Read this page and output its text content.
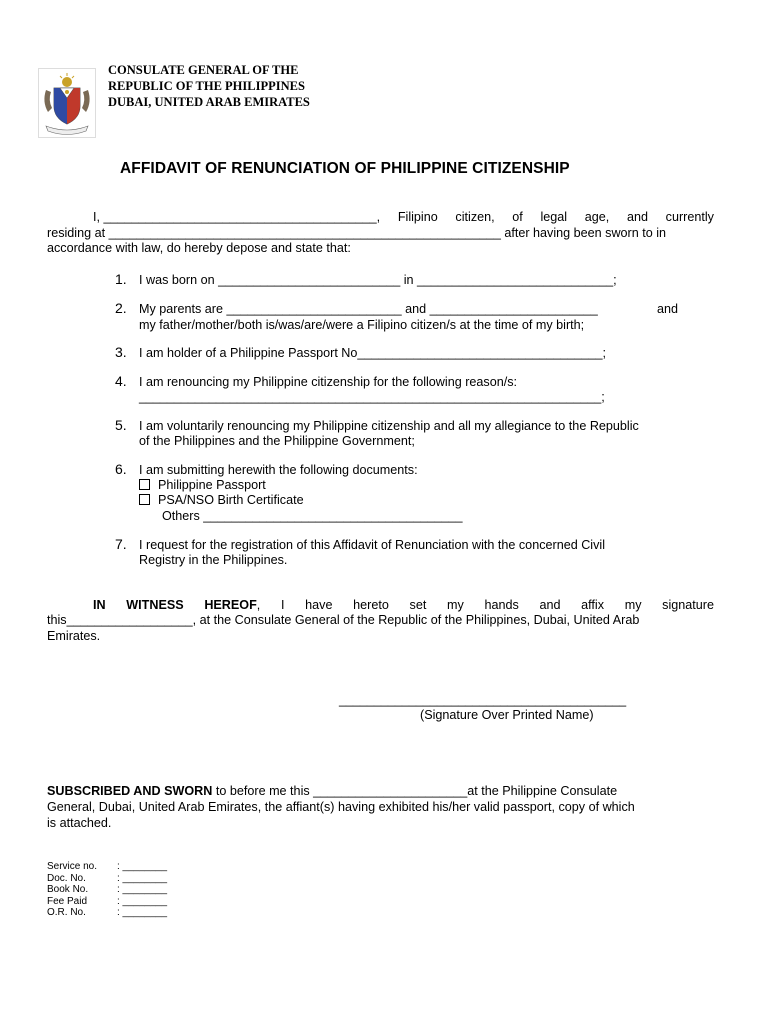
CONSULATE GENERAL OF THE
REPUBLIC OF THE PHILIPPINES
DUBAI, UNITED ARAB EMIRATES
AFFIDAVIT OF RENUNCIATION OF PHILIPPINE CITIZENSHIP
I,
_______________________________________, Filipino citizen, of legal age, and currently
residing at ________________________________________________________ after having been sworn to in
accordance with law, do hereby depose and state that:
1. I was born on __________________________ in ____________________________;
2. My parents are _________________________ and ________________________	and
my father/mother/both is/was/are/were a Filipino citizen/s at the time of my birth;
3. I am holder of a Philippine Passport No___________________________________;
4. I am renouncing my Philippine citizenship for the following reason/s:
__________________________________________________________________;
5. I am voluntarily renouncing my Philippine citizenship and all my allegiance to the Republic
of the Philippines and the Philippine Government;
6. I am submitting herewith the following documents:
Philippine Passport
PSA/NSO Birth Certificate
Others _____________________________________
7. I request for the registration of this Affidavit of Renunciation with the concerned Civil
Registry in the Philippines.
IN WITNESS HEREOF , I have hereto set my hands and affix my signature
this__________________, at the Consulate General of the Republic of the Philippines, Dubai, United Arab
Emirates.
_________________________________________
(Signature Over Printed Name)
SUBSCRIBED AND SWORN to before me this ______________________at the Philippine Consulate
General, Dubai, United Arab Emirates, the affiant(s) having exhibited his/her valid passport, copy of which
is attached.
Service no. : ________
Doc. No.	: ________
Book No.	: ________
Fee Paid	: ________
O.R. No.	: ________
